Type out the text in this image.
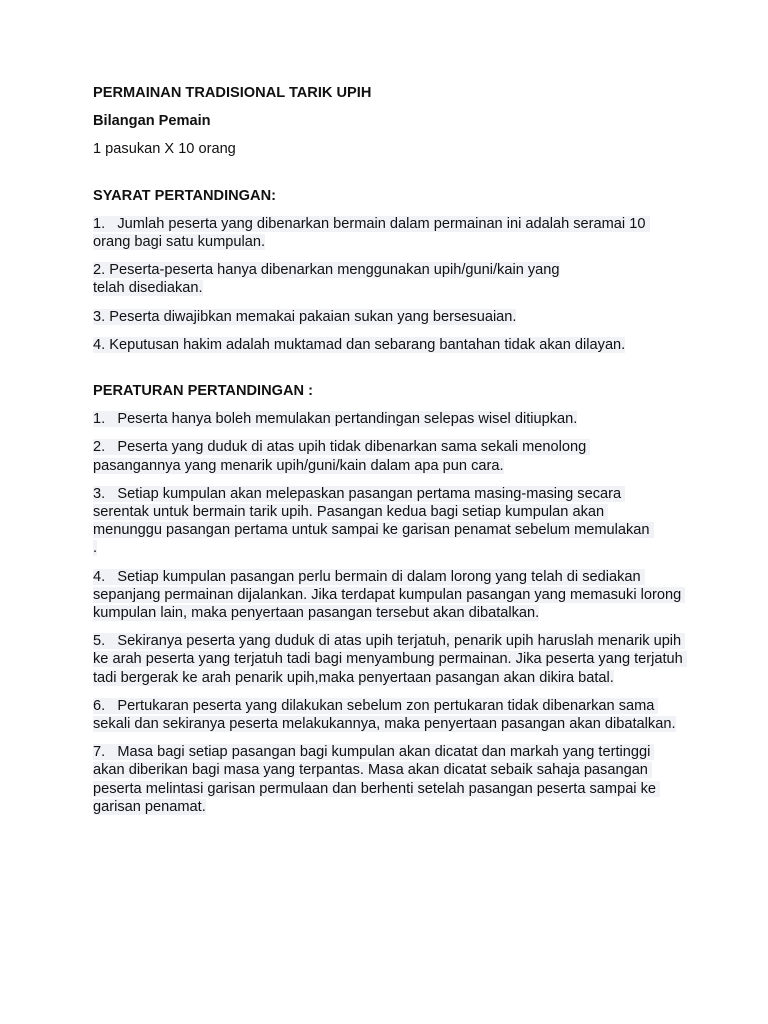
PERMAINAN TRADISIONAL TARIK UPIH

Bilangan Pemain

1 pasukan X 10 orang

SYARAT PERTANDINGAN:

1.   Jumlah peserta yang dibenarkan bermain dalam permainan ini adalah seramai 10 orang bagi satu kumpulan.
2. Peserta-peserta hanya dibenarkan menggunakan upih/guni/kain yang
telah disediakan.
3. Peserta diwajibkan memakai pakaian sukan yang bersesuaian.
4. Keputusan hakim adalah muktamad dan sebarang bantahan tidak akan dilayan.

PERATURAN PERTANDINGAN :

1.   Peserta hanya boleh memulakan pertandingan selepas wisel ditiupkan.
2.   Peserta yang duduk di atas upih tidak dibenarkan sama sekali menolong pasangannya yang menarik upih/guni/kain dalam apa pun cara.
3.   Setiap kumpulan akan melepaskan pasangan pertama masing-masing secara serentak untuk bermain tarik upih. Pasangan kedua bagi setiap kumpulan akan menunggu pasangan pertama untuk sampai ke garisan penamat sebelum memulakan .
4.   Setiap kumpulan pasangan perlu bermain di dalam lorong yang telah di sediakan sepanjang permainan dijalankan. Jika terdapat kumpulan pasangan yang memasuki lorong kumpulan lain, maka penyertaan pasangan tersebut akan dibatalkan.
5.   Sekiranya peserta yang duduk di atas upih terjatuh, penarik upih haruslah menarik upih ke arah peserta yang terjatuh tadi bagi menyambung permainan. Jika peserta yang terjatuh tadi bergerak ke arah penarik upih,maka penyertaan pasangan akan dikira batal.
6.   Pertukaran peserta yang dilakukan sebelum zon pertukaran tidak dibenarkan sama sekali dan sekiranya peserta melakukannya, maka penyertaan pasangan akan dibatalkan.
7.   Masa bagi setiap pasangan bagi kumpulan akan dicatat dan markah yang tertinggi akan diberikan bagi masa yang terpantas. Masa akan dicatat sebaik sahaja pasangan peserta melintasi garisan permulaan dan berhenti setelah pasangan peserta sampai ke garisan penamat.
